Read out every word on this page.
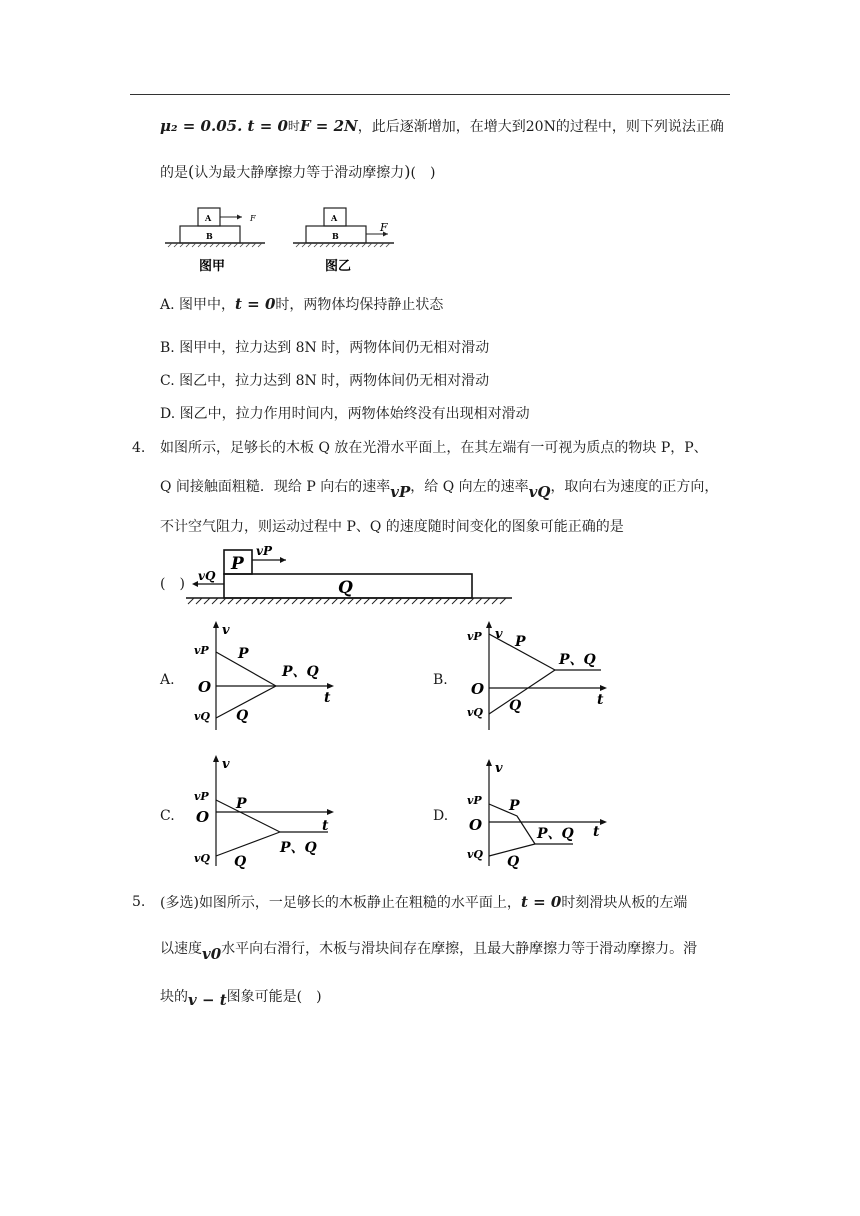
μ₂ = 0.05. t = 0时F = 2N，此后逐渐增加，在增大到20N的过程中，则下列说法正确
的是(认为最大静摩擦力等于滑动摩擦力)(　)
A
B
F
图甲
A
B
F
图乙
A. 图甲中，t = 0时，两物体均保持静止状态
B. 图甲中，拉力达到 8N 时，两物体间仍无相对滑动
C. 图乙中，拉力达到 8N 时，两物体间仍无相对滑动
D. 图乙中，拉力作用时间内，两物体始终没有出现相对滑动
4. 如图所示，足够长的木板 Q 放在光滑水平面上，在其左端有一可视为质点的物块 P，P、
Q 间接触面粗糙．现给 P 向右的速率vP，给 Q 向左的速率vQ，取向右为速度的正方向，
不计空气阻力，则运动过程中 P、Q 的速度随时间变化的图象可能正确的是
(　)
P
Q
vP
vQ
A.	B.
C.	D.
v
vP
O
vQ
P
Q
P、Q
t
vP v
O
vQ
P
Q
P、Q
t
v
vP
O
vQ
P
Q
P、Q
t
v
vP
O
vQ
P
Q
P、Q t
5. (多选)如图所示，一足够长的木板静止在粗糙的水平面上，t = 0时刻滑块从板的左端
以速度v0水平向右滑行，木板与滑块间存在摩擦，且最大静摩擦力等于滑动摩擦力。滑
块的v − t图象可能是(　)
